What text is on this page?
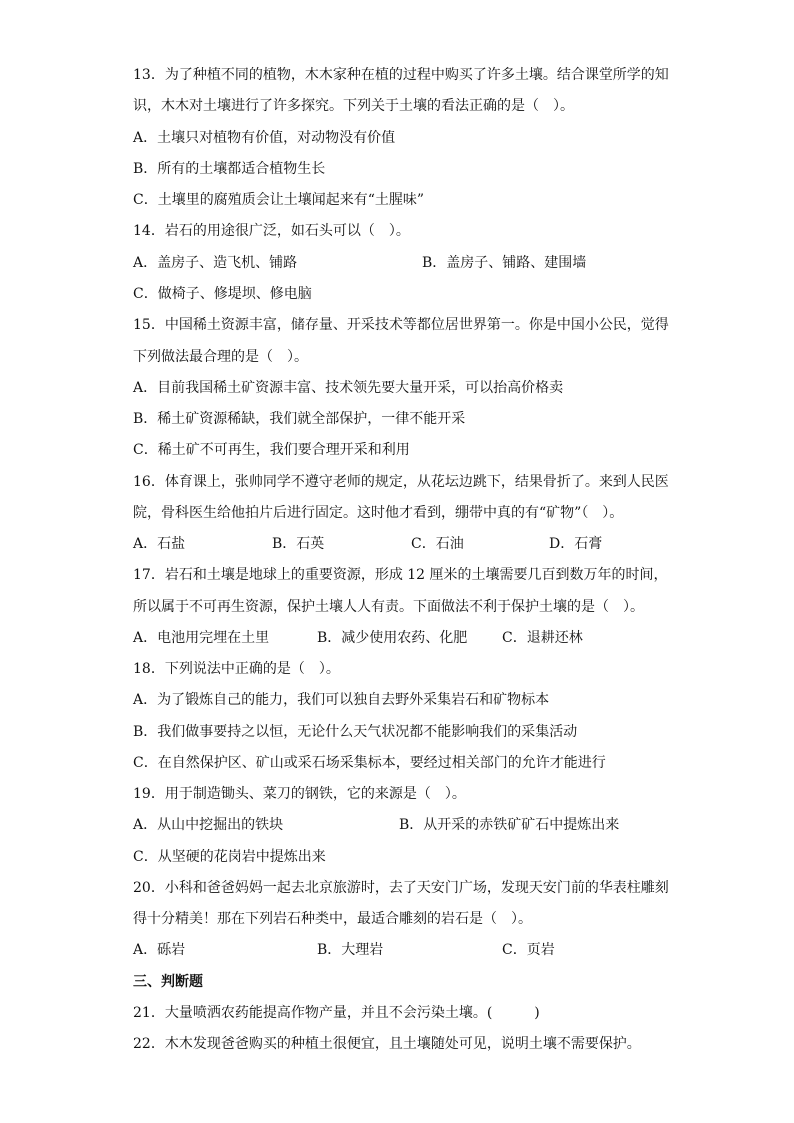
13．为了种植不同的植物，木木家种在植的过程中购买了许多土壤。结合课堂所学的知
识，木木对土壤进行了许多探究。下列关于土壤的看法正确的是（　）。
A．土壤只对植物有价值，对动物没有价值
B．所有的土壤都适合植物生长
C．土壤里的腐殖质会让土壤闻起来有“土腥味”
14．岩石的用途很广泛，如石头可以（　）。
A．盖房子、造飞机、铺路	B．盖房子、铺路、建围墙
C．做椅子、修堤坝、修电脑
15．中国稀土资源丰富，储存量、开采技术等都位居世界第一。你是中国小公民，觉得
下列做法最合理的是（　）。
A．目前我国稀土矿资源丰富、技术领先要大量开采，可以抬高价格卖
B．稀土矿资源稀缺，我们就全部保护，一律不能开采
C．稀土矿不可再生，我们要合理开采和利用
16．体育课上，张帅同学不遵守老师的规定，从花坛边跳下，结果骨折了。来到人民医
院，骨科医生给他拍片后进行固定。这时他才看到，绷带中真的有“矿物”（　）。
A．石盐	B．石英	C．石油	D．石膏
17．岩石和土壤是地球上的重要资源，形成 12 厘米的土壤需要几百到数万年的时间，
所以属于不可再生资源，保护土壤人人有责。下面做法不利于保护土壤的是（　）。
A．电池用完埋在土里	B．减少使用农药、化肥 C．退耕还林
18．下列说法中正确的是（　）。
A．为了锻炼自己的能力，我们可以独自去野外采集岩石和矿物标本
B．我们做事要持之以恒，无论什么天气状况都不能影响我们的采集活动
C．在自然保护区、矿山或采石场采集标本，要经过相关部门的允许才能进行
19．用于制造锄头、菜刀的钢铁，它的来源是（　）。
A．从山中挖掘出的铁块	B．从开采的赤铁矿矿石中提炼出来
C．从坚硬的花岗岩中提炼出来
20．小科和爸爸妈妈一起去北京旅游时，去了天安门广场，发现天安门前的华表柱雕刻
得十分精美！那在下列岩石种类中，最适合雕刻的岩石是（　）。
A．砾岩	B．大理岩	C．页岩
三、判断题
21．大量喷洒农药能提高作物产量，并且不会污染土壤。(　　　)
22．木木发现爸爸购买的种植土很便宜，且土壤随处可见，说明土壤不需要保护。
